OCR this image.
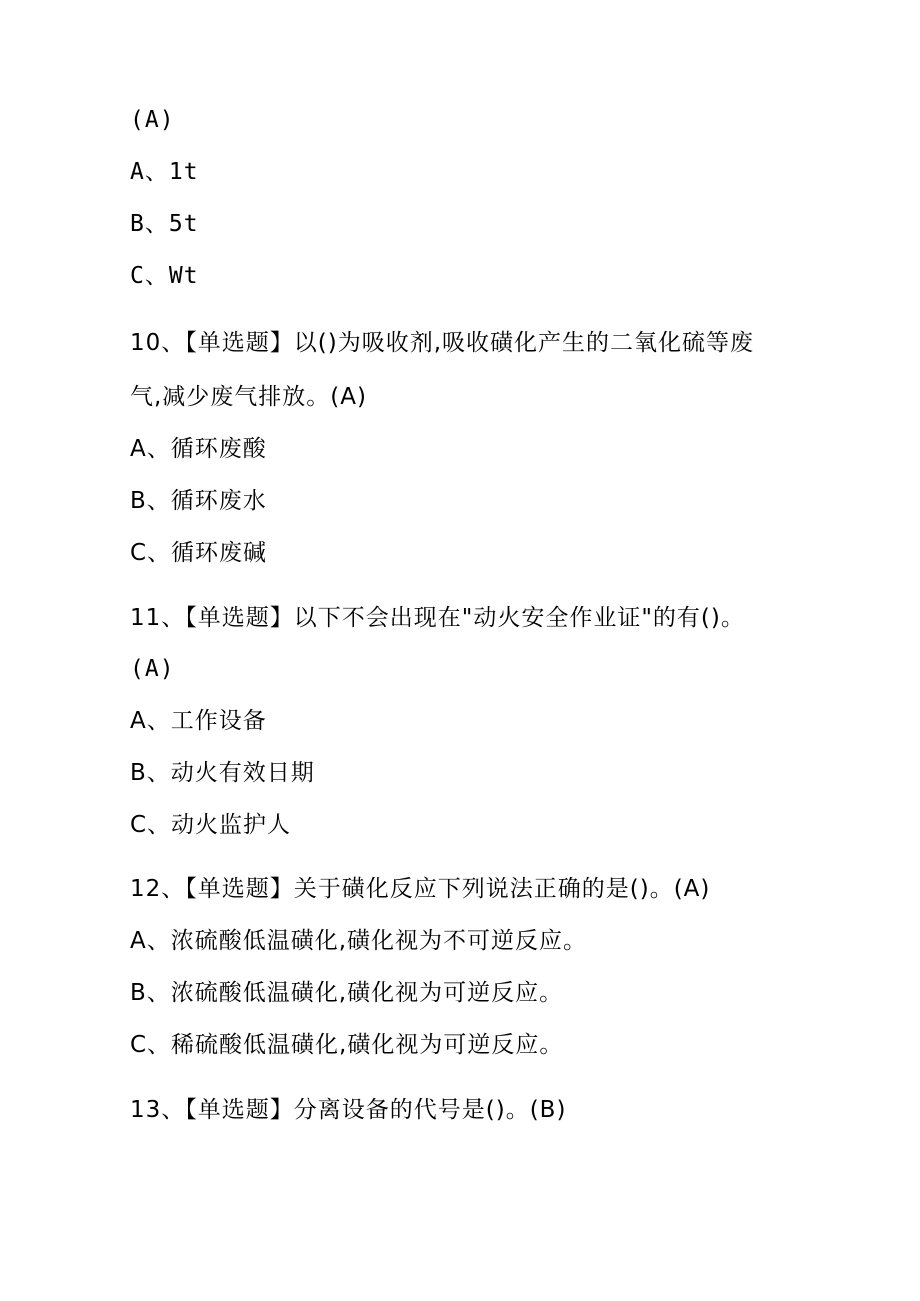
(A)
A、1t
B、5t
C、Wt
10、【单选题】以()为吸收剂,吸收磺化产生的二氧化硫等废
气,减少废气排放。(A)
A、循环废酸
B、循环废水
C、循环废碱
11、【单选题】以下不会出现在"动火安全作业证"的有()。
(A)
A、工作设备
B、动火有效日期
C、动火监护人
12、【单选题】关于磺化反应下列说法正确的是()。(A)
A、浓硫酸低温磺化,磺化视为不可逆反应。
B、浓硫酸低温磺化,磺化视为可逆反应。
C、稀硫酸低温磺化,磺化视为可逆反应。
13、【单选题】分离设备的代号是()。(B)
